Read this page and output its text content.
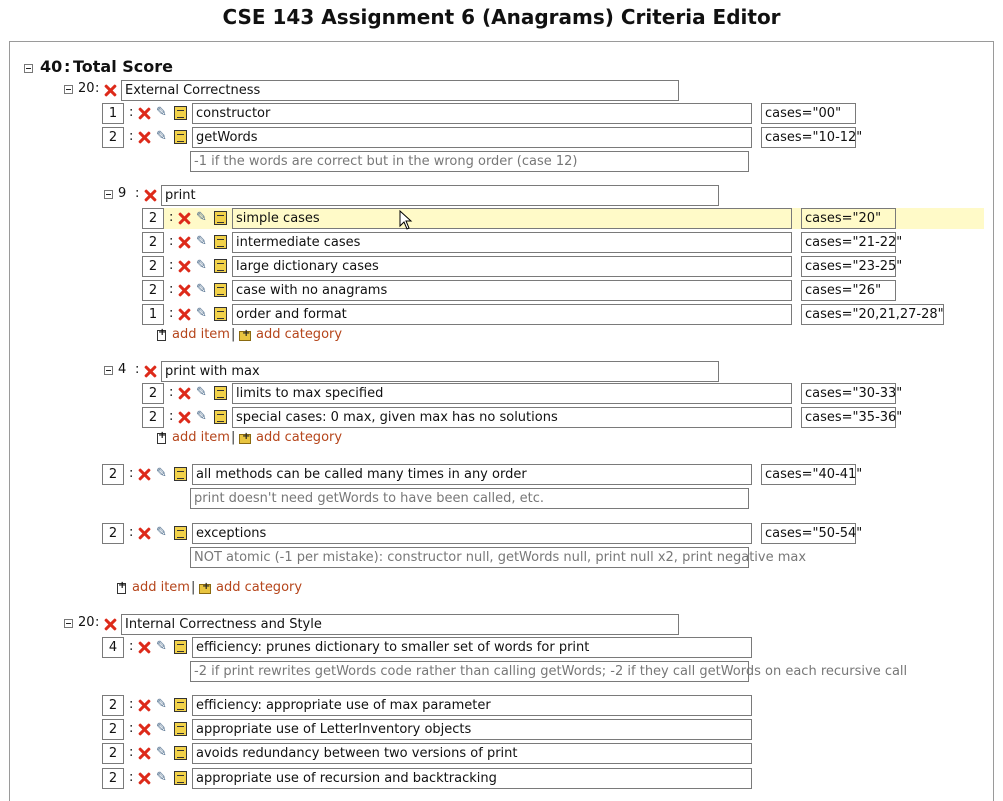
CSE 143 Assignment 6 (Anagrams) Criteria Editor
40 : Total Score
20 :	External Correctness
1 : ✎	constructor	cases="00"
2 : ✎	getWords	cases="10-12"
-1 if the words are correct but in the wrong order (case 12)
9 :	print
2 : ✎	simple cases	cases="20"
2 : ✎	intermediate cases	cases="21-22"
2 : ✎	large dictionary cases	cases="23-25"
2 : ✎	case with no anagrams	cases="26"
1 : ✎	order and format	cases="20,21,27-28"
+
add item | + add category
4 :	print with max
2 : ✎	limits to max specified	cases="30-33"
2 : ✎	special cases: 0 max, given max has no solutions	cases="35-36"
+
add item | + add category
2 : ✎	all methods can be called many times in any order	cases="40-41"
print doesn't need getWords to have been called, etc.
2 : ✎	exceptions	cases="50-54"
NOT atomic (-1 per mistake): constructor null, getWords null, print null x2, print negative max
+
add item | + add category
20 :	Internal Correctness and Style
4 : ✎	efficiency: prunes dictionary to smaller set of words for print
-2 if print rewrites getWords code rather than calling getWords; -2 if they call getWords on each recursive call
2 : ✎	efficiency: appropriate use of max parameter
2 : ✎	appropriate use of LetterInventory objects
2 : ✎	avoids redundancy between two versions of print
2 : ✎	appropriate use of recursion and backtracking
